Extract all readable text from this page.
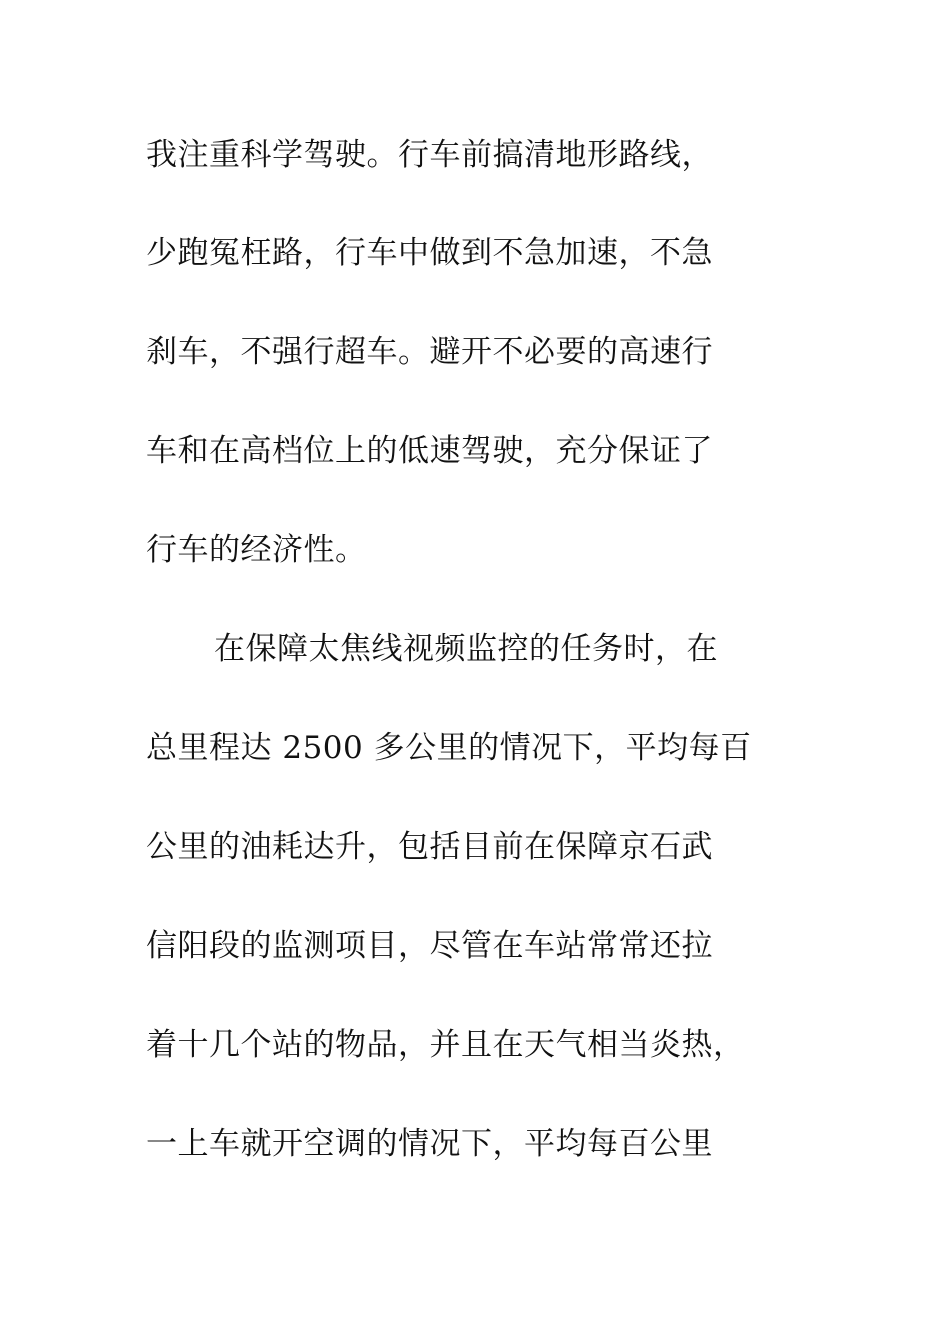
我注重科学驾驶。行车前搞清地形路线，
少跑冤枉路，行车中做到不急加速，不急
刹车，不强行超车。避开不必要的高速行
车和在高档位上的低速驾驶，充分保证了
行车的经济性。
在保障太焦线视频监控的任务时，在
总里程达 2500 多公里的情况下，平均每百
公里的油耗达升，包括目前在保障京石武
信阳段的监测项目，尽管在车站常常还拉
着十几个站的物品，并且在天气相当炎热，
一上车就开空调的情况下，平均每百公里
